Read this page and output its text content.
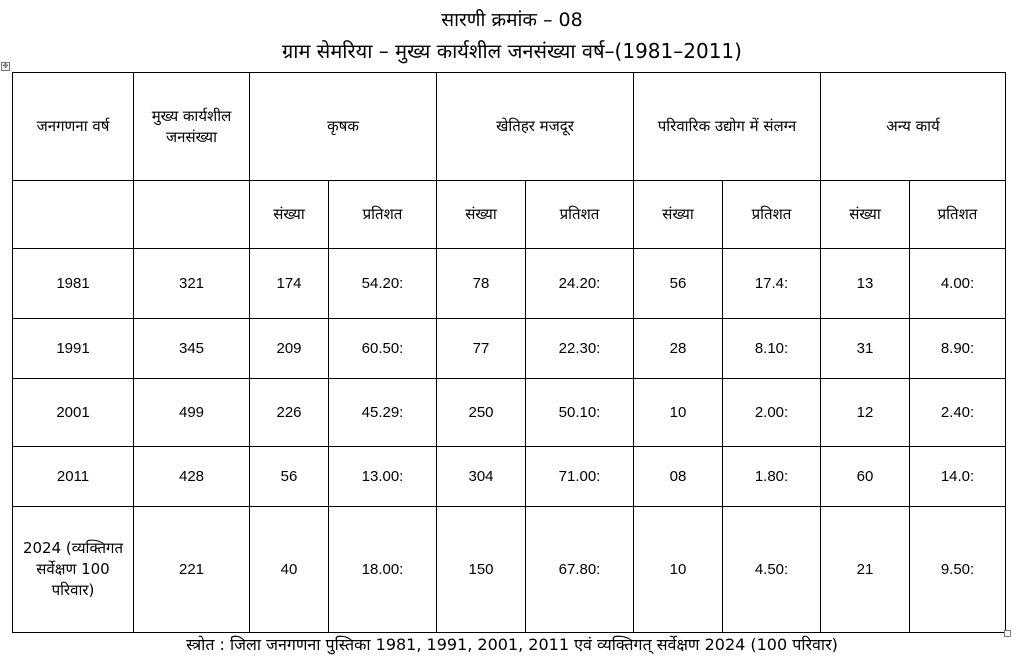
सारणी क्रमांक – 08
ग्राम सेमरिया – मुख्य कार्यशील जनसंख्या वर्ष–(1981–2011)
✥
जनगणना वर्ष	मुख्य कार्यशील जनसंख्या	कृषक		खेतिहर मजदूर		परिवारिक उद्योग में संलग्न		अन्य कार्य	
		संख्या	प्रतिशत	संख्या	प्रतिशत	संख्या	प्रतिशत	संख्या	प्रतिशत
1981	321	174	54.20:	78	24.20:	56	17.4:	13	4.00:
1991	345	209	60.50:	77	22.30:	28	8.10:	31	8.90:
2001	499	226	45.29:	250	50.10:	10	2.00:	12	2.40:
2011	428	56	13.00:	304	71.00:	08	1.80:	60	14.0:
2024 (व्यक्तिगत सर्वेक्षण 100 परिवार)	221	40	18.00:	150	67.80:	10	4.50:	21	9.50:
स्त्रोत : जिला जनगणना पुस्तिका 1981, 1991, 2001, 2011 एवं व्यक्तिगत् सर्वेक्षण 2024 (100 परिवार)
